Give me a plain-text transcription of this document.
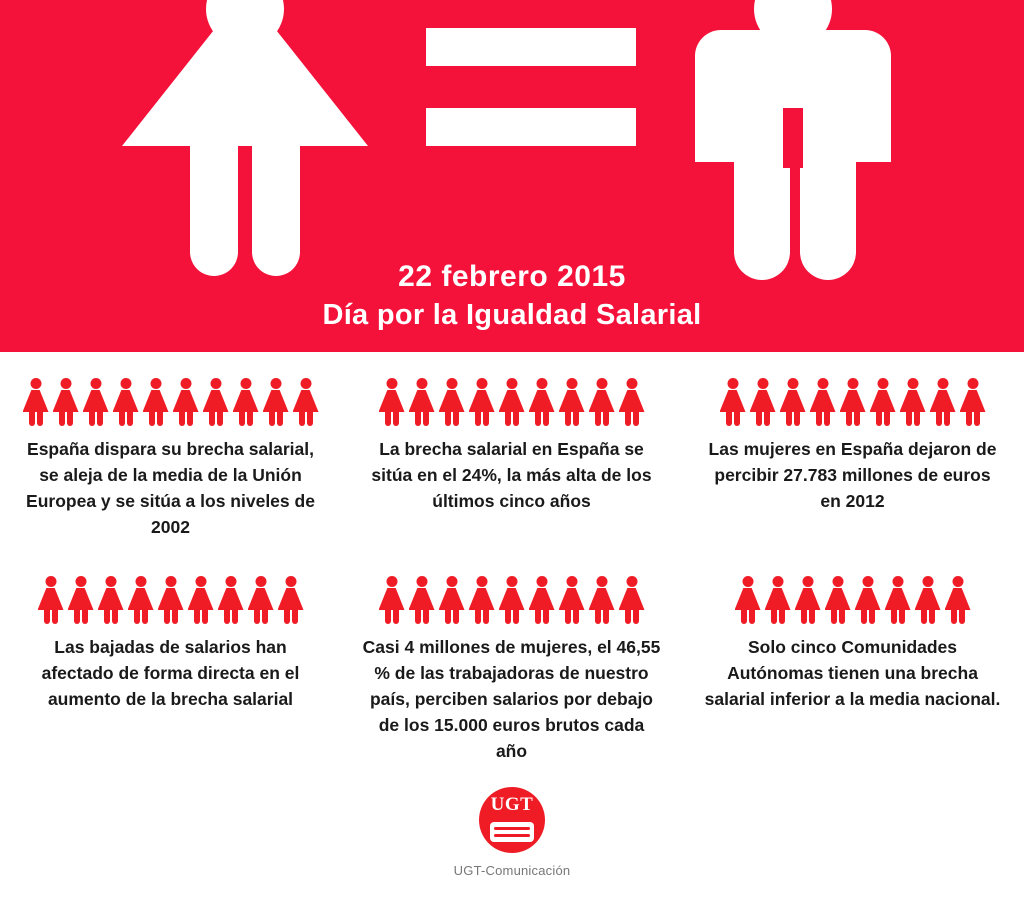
22 febrero 2015
Día por la Igualdad Salarial
España dispara su brecha salarial, se aleja de la media de la Unión Europea y se sitúa a los niveles de 2002
La brecha salarial en España se sitúa en el 24%, la más alta de los últimos cinco años
Las mujeres en España dejaron de percibir 27.783 millones de euros en 2012
Las bajadas de salarios han afectado de forma directa en el aumento de la brecha salarial
Casi 4 millones de mujeres, el 46,55 % de las trabajadoras de nuestro país, perciben salarios por debajo de los 15.000 euros brutos cada año
Solo cinco Comunidades Autónomas tienen una brecha salarial inferior a la media nacional.
UGT
UGT-Comunicación
